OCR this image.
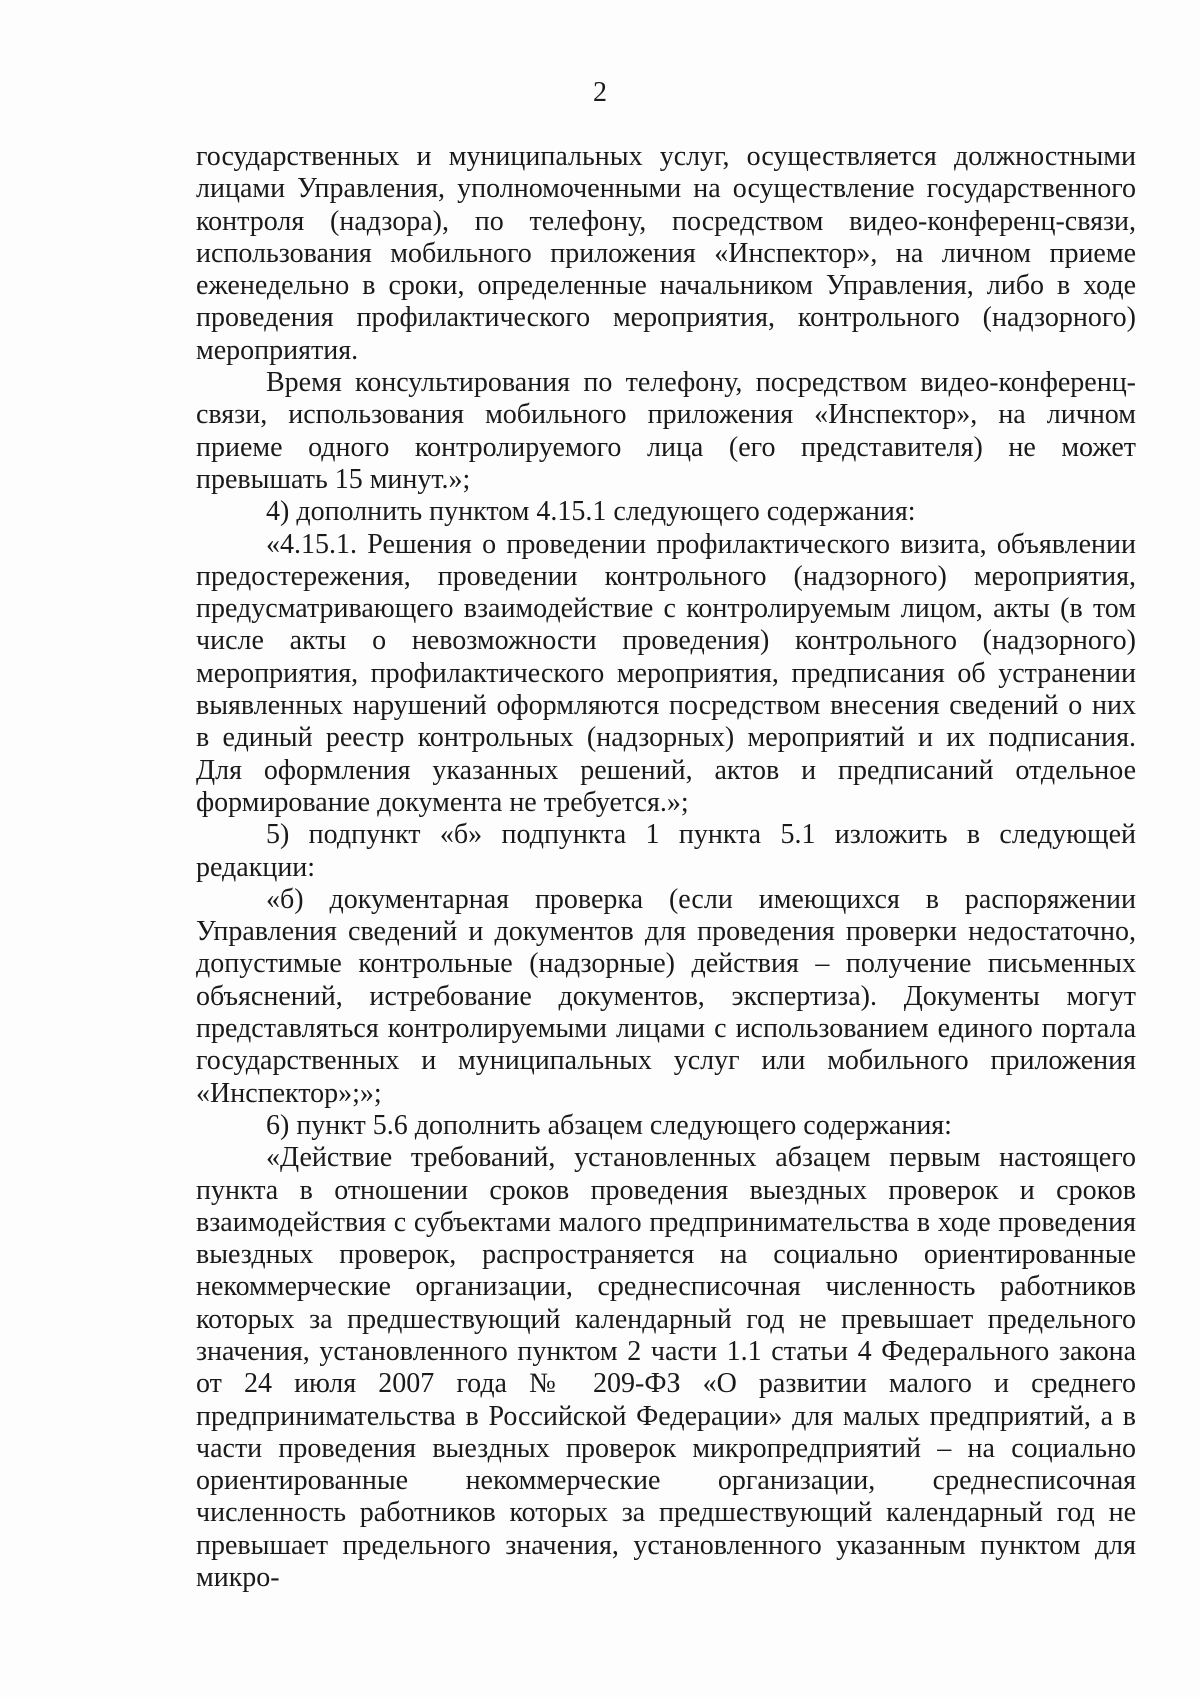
2

государственных и муниципальных услуг, осуществляется должностными лицами Управления, уполномоченными на осуществление государственного контроля (надзора), по телефону, посредством видео-конференц-связи, использования мобильного приложения «Инспектор», на личном приеме еженедельно в сроки, определенные начальником Управления, либо в ходе проведения профилактического мероприятия, контрольного (надзорного) мероприятия.

Время консультирования по телефону, посредством видео-конференц-связи, использования мобильного приложения «Инспектор», на личном приеме одного контролируемого лица (его представителя) не может превышать 15 минут.»;

4) дополнить пунктом 4.15.1 следующего содержания:

«4.15.1. Решения о проведении профилактического визита, объявлении предостережения, проведении контрольного (надзорного) мероприятия, предусматривающего взаимодействие с контролируемым лицом, акты (в том числе акты о невозможности проведения) контрольного (надзорного) мероприятия, профилактического мероприятия, предписания об устранении выявленных нарушений оформляются посредством внесения сведений о них в единый реестр контрольных (надзорных) мероприятий и их подписания. Для оформления указанных решений, актов и предписаний отдельное формирование документа не требуется.»;

5) подпункт «б» подпункта 1 пункта 5.1 изложить в следующей редакции:

«б) документарная проверка (если имеющихся в распоряжении Управления сведений и документов для проведения проверки недостаточно, допустимые контрольные (надзорные) действия – получение письменных объяснений, истребование документов, экспертиза). Документы могут представляться контролируемыми лицами с использованием единого портала государственных и муниципальных услуг или мобильного приложения «Инспектор»;»;

6) пункт 5.6 дополнить абзацем следующего содержания:

«Действие требований, установленных абзацем первым настоящего пункта в отношении сроков проведения выездных проверок и сроков взаимодействия с субъектами малого предпринимательства в ходе проведения выездных проверок, распространяется на социально ориентированные некоммерческие организации, среднесписочная численность работников которых за предшествующий календарный год не превышает предельного значения, установленного пунктом 2 части 1.1 статьи 4 Федерального закона от 24 июля 2007 года № 209-ФЗ «О развитии малого и среднего предпринимательства в Российской Федерации» для малых предприятий, а в части проведения выездных проверок микропредприятий – на социально ориентированные некоммерческие организации, среднесписочная численность работников которых за предшествующий календарный год не превышает предельного значения, установленного указанным пунктом для микро-
